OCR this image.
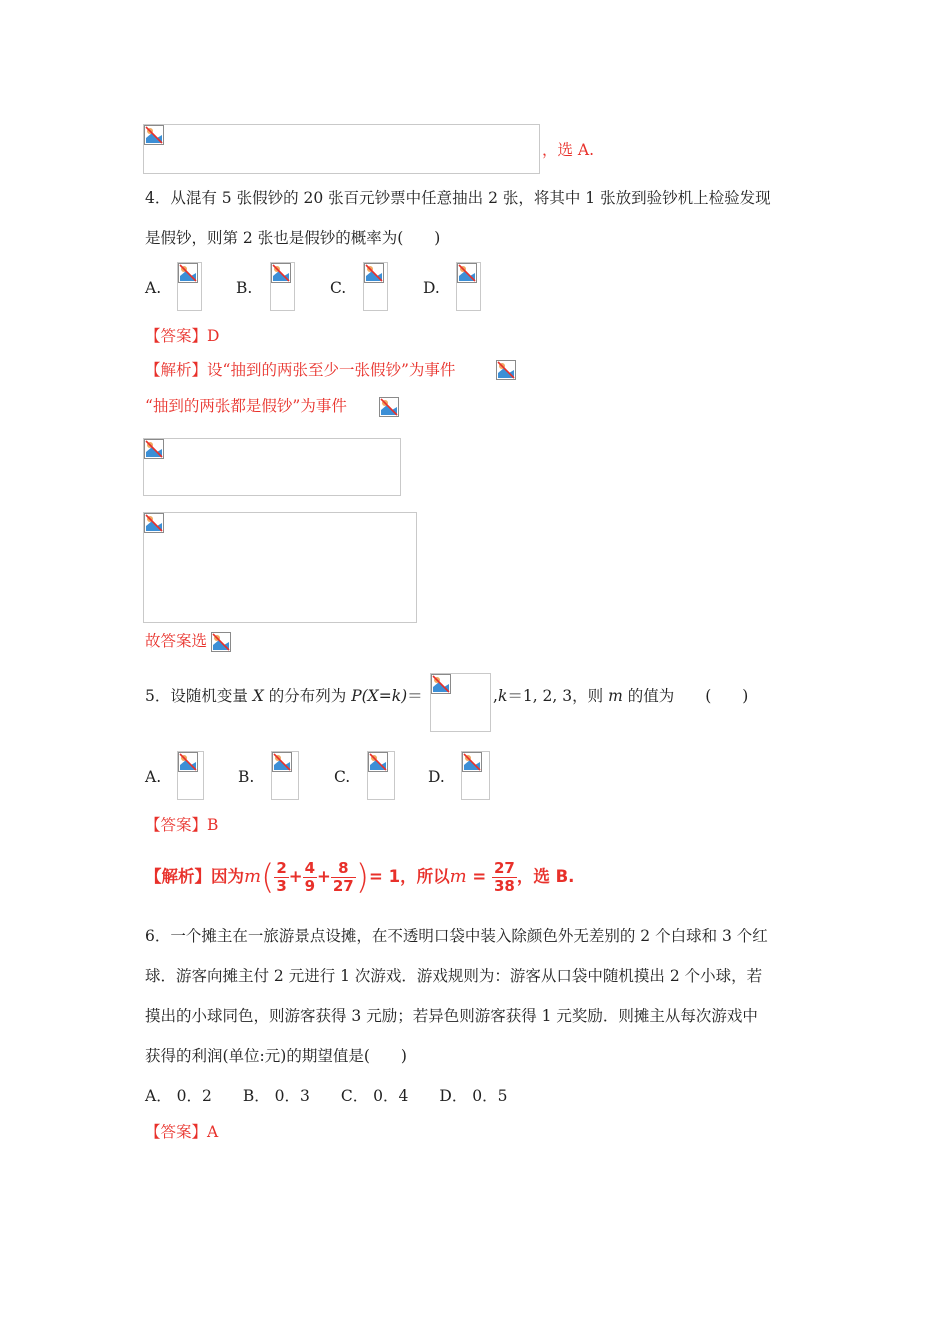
，选 A.
4．从混有 5 张假钞的 20 张百元钞票中任意抽出 2 张，将其中 1 张放到验钞机上检验发现
是假钞，则第 2 张也是假钞的概率为(　　)
A.	B.	C.	D.
【答案】D
【解析】设“抽到的两张至少一张假钞”为事件
“抽到的两张都是假钞”为事件
故答案选
5．设随机变量 X 的分布列为 P(X=k)＝	,k＝1, 2, 3，则 m 的值为　　(　　)
A.	B.	C.	D.
【答案】B
【解析】因为$m( \frac{2}{3} + \frac{4}{9} + \frac{8}{27}$ )= 1，所以$m = \frac{27}{38}$ ，选 B.
6．一个摊主在一旅游景点设摊，在不透明口袋中装入除颜色外无差别的 2 个白球和 3 个红
球．游客向摊主付 2 元进行 1 次游戏．游戏规则为：游客从口袋中随机摸出 2 个小球，若
摸出的小球同色，则游客获得 3 元励；若异色则游客获得 1 元奖励．则摊主从每次游戏中
获得的利润(单位:元)的期望值是(　　)
A． 0．2　　B． 0．3　　C． 0．4　　D． 0．5
【答案】A
